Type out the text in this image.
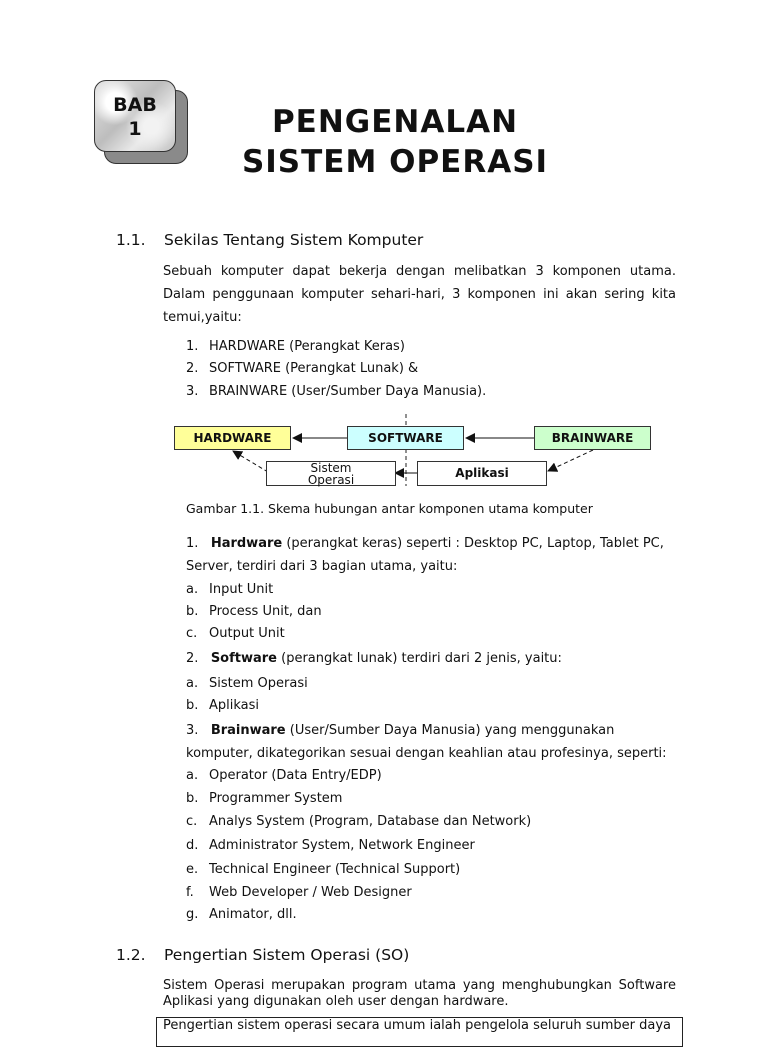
BAB
1	PENGENALAN
SISTEM OPERASI
1.1. Sekilas Tentang Sistem Komputer
Sebuah komputer dapat bekerja dengan melibatkan 3 komponen utama. Dalam penggunaan komputer sehari-hari, 3 komponen ini akan sering kita temui,yaitu:
1. HARDWARE (Perangkat Keras)
2. SOFTWARE (Perangkat Lunak) &
3. BRAINWARE (User/Sumber Daya Manusia).
HARDWARE	SOFTWARE	BRAINWARE
Sistem
Operasi	Aplikasi
Gambar 1.1. Skema hubungan antar komponen utama komputer
1. Hardware (perangkat keras) seperti : Desktop PC, Laptop, Tablet PC,
Server, terdiri dari 3 bagian utama, yaitu:
a. Input Unit
b. Process Unit, dan
c. Output Unit
2. Software (perangkat lunak) terdiri dari 2 jenis, yaitu:
a. Sistem Operasi
b. Aplikasi
3. Brainware (User/Sumber Daya Manusia) yang menggunakan
komputer, dikategorikan sesuai dengan keahlian atau profesinya, seperti:
a. Operator (Data Entry/EDP)
b. Programmer System
c. Analys System (Program, Database dan Network)
d. Administrator System, Network Engineer
e. Technical Engineer (Technical Support)
f. Web Developer / Web Designer
g. Animator, dll.
1.2. Pengertian Sistem Operasi (SO)
Sistem Operasi merupakan program utama yang menghubungkan Software Aplikasi yang digunakan oleh user dengan hardware.
Pengertian sistem operasi secara umum ialah pengelola seluruh sumber daya
